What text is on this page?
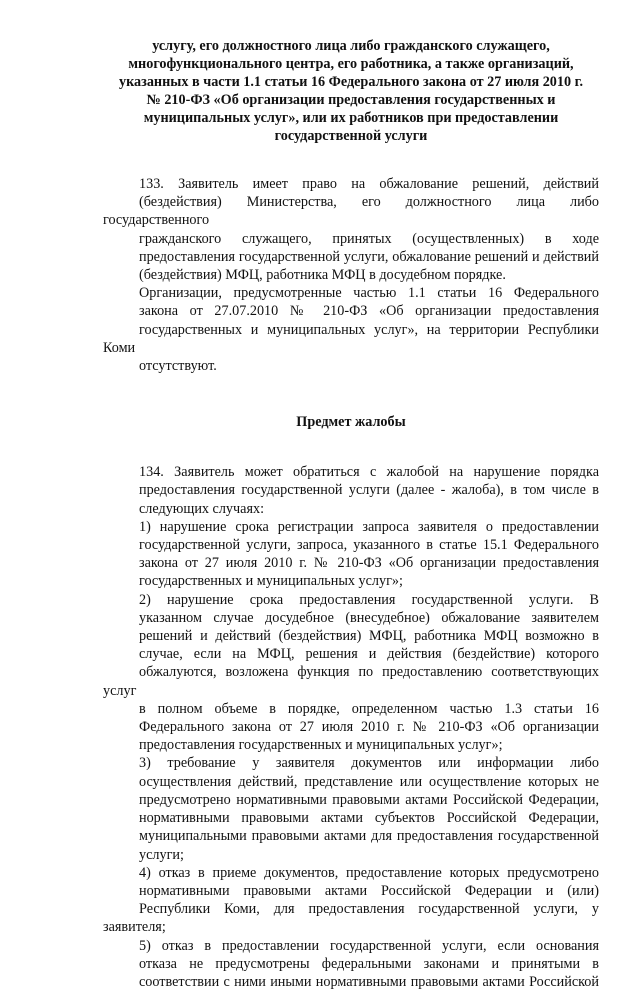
услугу, его должностного лица либо гражданского служащего,
многофункционального центра, его работника, а также организаций,
указанных в части 1.1 статьи 16 Федерального закона от 27 июля 2010 г.
№ 210-ФЗ «Об организации предоставления государственных и
муниципальных услуг», или их работников при предоставлении
государственной услуги

133. Заявитель имеет право на обжалование решений, действий
(бездействия) Министерства, его должностного лица либо государственного
гражданского служащего, принятых (осуществленных) в ходе
предоставления государственной услуги, обжалование решений и действий
(бездействия) МФЦ, работника МФЦ в досудебном порядке.

Организации, предусмотренные частью 1.1 статьи 16 Федерального
закона от 27.07.2010 № 210-ФЗ «Об организации предоставления
государственных и муниципальных услуг», на территории Республики Коми
отсутствуют.

Предмет жалобы

134. Заявитель может обратиться с жалобой на нарушение порядка
предоставления государственной услуги (далее - жалоба), в том числе в
следующих случаях:

1) нарушение срока регистрации запроса заявителя о предоставлении
государственной услуги, запроса, указанного в статье 15.1 Федерального
закона от 27 июля 2010 г. № 210-ФЗ «Об организации предоставления
государственных и муниципальных услуг»;

2) нарушение срока предоставления государственной услуги. В
указанном случае досудебное (внесудебное) обжалование заявителем
решений и действий (бездействия) МФЦ, работника МФЦ возможно в
случае, если на МФЦ, решения и действия (бездействие) которого
обжалуются, возложена функция по предоставлению соответствующих услуг
в полном объеме в порядке, определенном частью 1.3 статьи 16
Федерального закона от 27 июля 2010 г. № 210-ФЗ «Об организации
предоставления государственных и муниципальных услуг»;

3) требование у заявителя документов или информации либо
осуществления действий, представление или осуществление которых не
предусмотрено нормативными правовыми актами Российской Федерации,
нормативными правовыми актами субъектов Российской Федерации,
муниципальными правовыми актами для предоставления государственной
услуги;

4) отказ в приеме документов, предоставление которых предусмотрено
нормативными правовыми актами Российской Федерации и (или)
Республики Коми, для предоставления государственной услуги, у заявителя;

5) отказ в предоставлении государственной услуги, если основания
отказа не предусмотрены федеральными законами и принятыми в
соответствии с ними иными нормативными правовыми актами Российской
